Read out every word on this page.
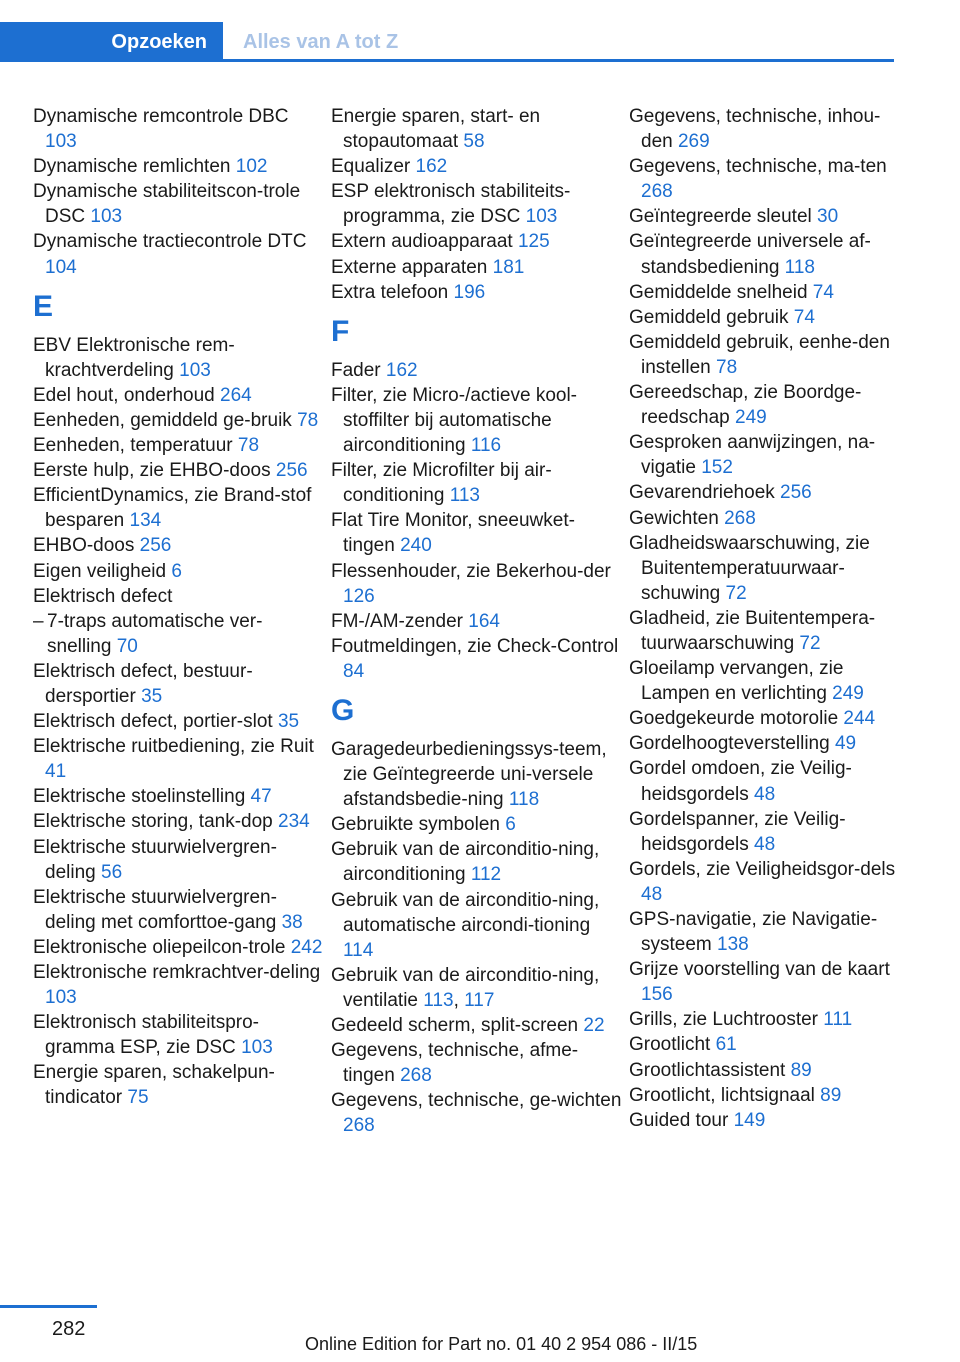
Opzoeken	Alles van A tot Z
Dynamische remcontrole DBC 103
Dynamische remlichten 102
Dynamische stabiliteitscon-trole DSC 103
Dynamische tractiecontrole DTC 104
E
EBV Elektronische rem-krachtverdeling 103
Edel hout, onderhoud 264
Eenheden, gemiddeld ge-bruik 78
Eenheden, temperatuur 78
Eerste hulp, zie EHBO-doos 256
EfficientDynamics, zie Brand-stof besparen 134
EHBO-doos 256
Eigen veiligheid 6
Elektrisch defect
– 7-traps automatische ver-snelling 70
Elektrisch defect, bestuur-dersportier 35
Elektrisch defect, portier-slot 35
Elektrische ruitbediening, zie Ruit 41
Elektrische stoelinstelling 47
Elektrische storing, tank-dop 234
Elektrische stuurwielvergren-deling 56
Elektrische stuurwielvergren-deling met comforttoe-gang 38
Elektronische oliepeilcon-trole 242
Elektronische remkrachtver-deling 103
Elektronisch stabiliteitspro-gramma ESP, zie DSC 103
Energie sparen, schakelpun-tindicator 75
Energie sparen, start- en stopautomaat 58
Equalizer 162
ESP elektronisch stabiliteits-programma, zie DSC 103
Extern audioapparaat 125
Externe apparaten 181
Extra telefoon 196
F
Fader 162
Filter, zie Micro-/actieve kool-stoffilter bij automatische airconditioning 116
Filter, zie Microfilter bij air-conditioning 113
Flat Tire Monitor, sneeuwket-tingen 240
Flessenhouder, zie Bekerhou-der 126
FM-/AM-zender 164
Foutmeldingen, zie Check-Control 84
G
Garagedeurbedieningssys-teem, zie Geïntegreerde uni-versele afstandsbedie-ning 118
Gebruikte symbolen 6
Gebruik van de airconditio-ning, airconditioning 112
Gebruik van de airconditio-ning, automatische aircondi-tioning 114
Gebruik van de airconditio-ning, ventilatie 113, 117
Gedeeld scherm, split-screen 22
Gegevens, technische, afme-tingen 268
Gegevens, technische, ge-wichten 268
Gegevens, technische, inhou-den 269
Gegevens, technische, ma-ten 268
Geïntegreerde sleutel 30
Geïntegreerde universele af-standsbediening 118
Gemiddelde snelheid 74
Gemiddeld gebruik 74
Gemiddeld gebruik, eenhe-den instellen 78
Gereedschap, zie Boordge-reedschap 249
Gesproken aanwijzingen, na-vigatie 152
Gevarendriehoek 256
Gewichten 268
Gladheidswaarschuwing, zie Buitentemperatuurwaar-schuwing 72
Gladheid, zie Buitentempera-tuurwaarschuwing 72
Gloeilamp vervangen, zie Lampen en verlichting 249
Goedgekeurde motorolie 244
Gordelhoogteverstelling 49
Gordel omdoen, zie Veilig-heidsgordels 48
Gordelspanner, zie Veilig-heidsgordels 48
Gordels, zie Veiligheidsgor-dels 48
GPS-navigatie, zie Navigatie-systeem 138
Grijze voorstelling van de kaart 156
Grills, zie Luchtrooster 111
Grootlicht 61
Grootlichtassistent 89
Grootlicht, lichtsignaal 89
Guided tour 149
282
Online Edition for Part no. 01 40 2 954 086 - II/15
